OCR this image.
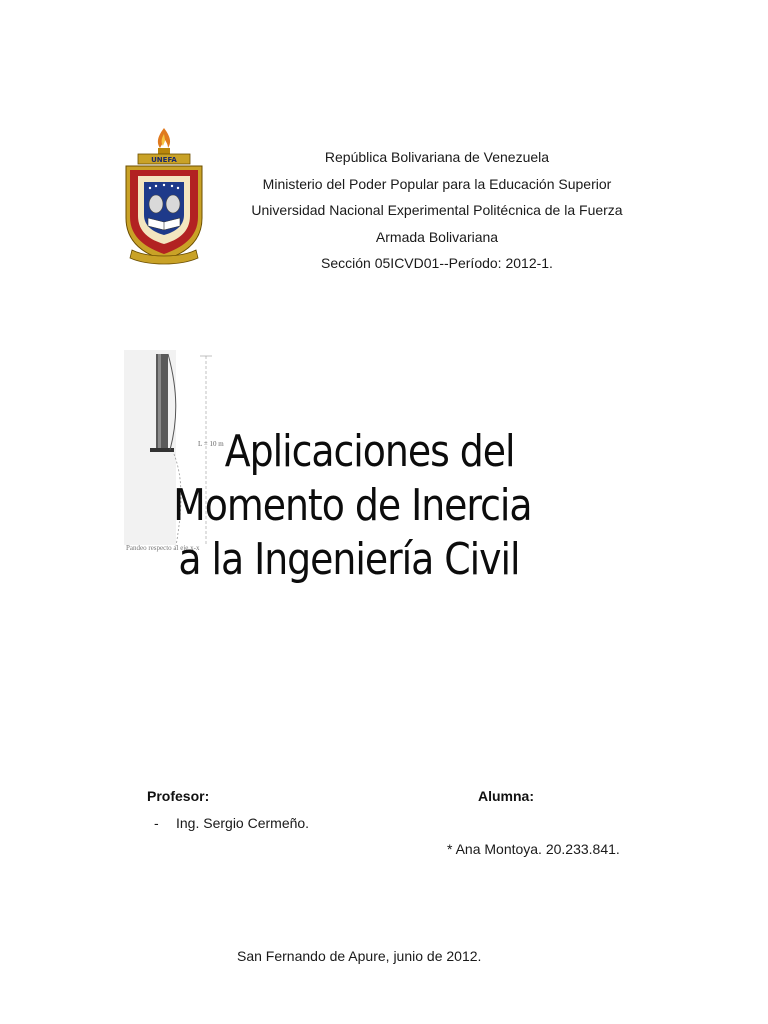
UNEFA	República Bolivariana de Venezuela
Ministerio del Poder Popular para la Educación Superior
Universidad Nacional Experimental Politécnica de la Fuerza
Armada Bolivariana
Sección 05ICVD01--Período: 2012-1.
L = 10 m
Pandeo respecto al eje x-x
Aplicaciones del
Momento de Inercia
a la Ingeniería Civil
Profesor:
- Ing. Sergio Cermeño.
Alumna:
* Ana Montoya. 20.233.841.
San Fernando de Apure, junio de 2012.
